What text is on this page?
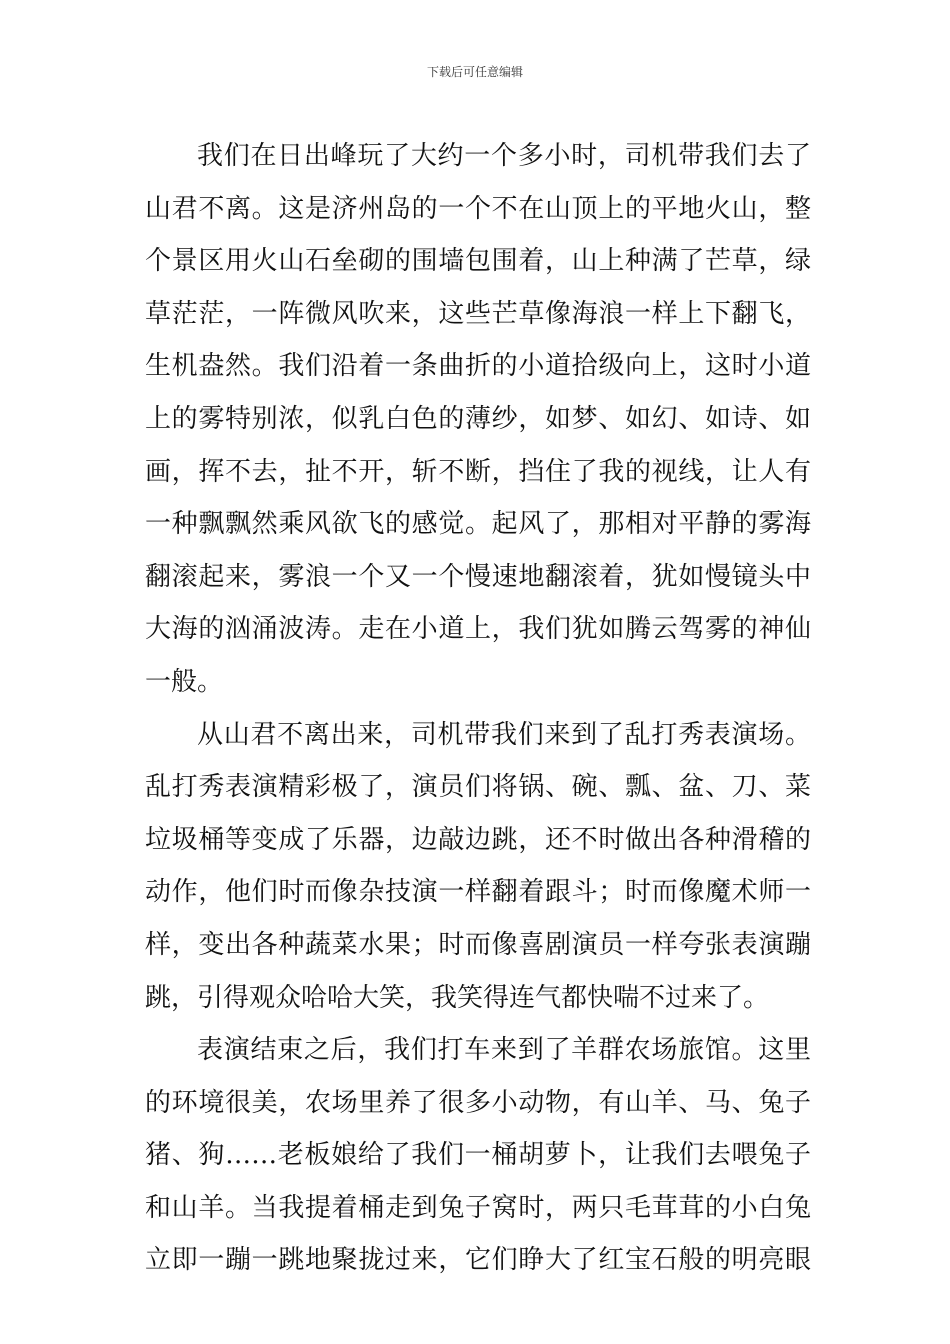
下载后可任意编辑
我们在日出峰玩了大约一个多小时，司机带我们去了
山君不离。这是济州岛的一个不在山顶上的平地火山，整
个景区用火山石垒砌的围墙包围着，山上种满了芒草，绿
草茫茫，一阵微风吹来，这些芒草像海浪一样上下翻飞，
生机盎然。我们沿着一条曲折的小道拾级向上，这时小道
上的雾特别浓，似乳白色的薄纱，如梦、如幻、如诗、如
画，挥不去，扯不开，斩不断，挡住了我的视线，让人有
一种飘飘然乘风欲飞的感觉。起风了，那相对平静的雾海
翻滚起来，雾浪一个又一个慢速地翻滚着，犹如慢镜头中
大海的汹涌波涛。走在小道上，我们犹如腾云驾雾的神仙
一般。
从山君不离出来，司机带我们来到了乱打秀表演场。
乱打秀表演精彩极了，演员们将锅、碗、瓢、盆、刀、菜
垃圾桶等变成了乐器，边敲边跳，还不时做出各种滑稽的
动作，他们时而像杂技演一样翻着跟斗；时而像魔术师一
样，变出各种蔬菜水果；时而像喜剧演员一样夸张表演蹦
跳，引得观众哈哈大笑，我笑得连气都快喘不过来了。
表演结束之后，我们打车来到了羊群农场旅馆。这里
的环境很美，农场里养了很多小动物，有山羊、马、兔子
猪、狗……老板娘给了我们一桶胡萝卜，让我们去喂兔子
和山羊。当我提着桶走到兔子窝时，两只毛茸茸的小白兔
立即一蹦一跳地聚拢过来，它们睁大了红宝石般的明亮眼
